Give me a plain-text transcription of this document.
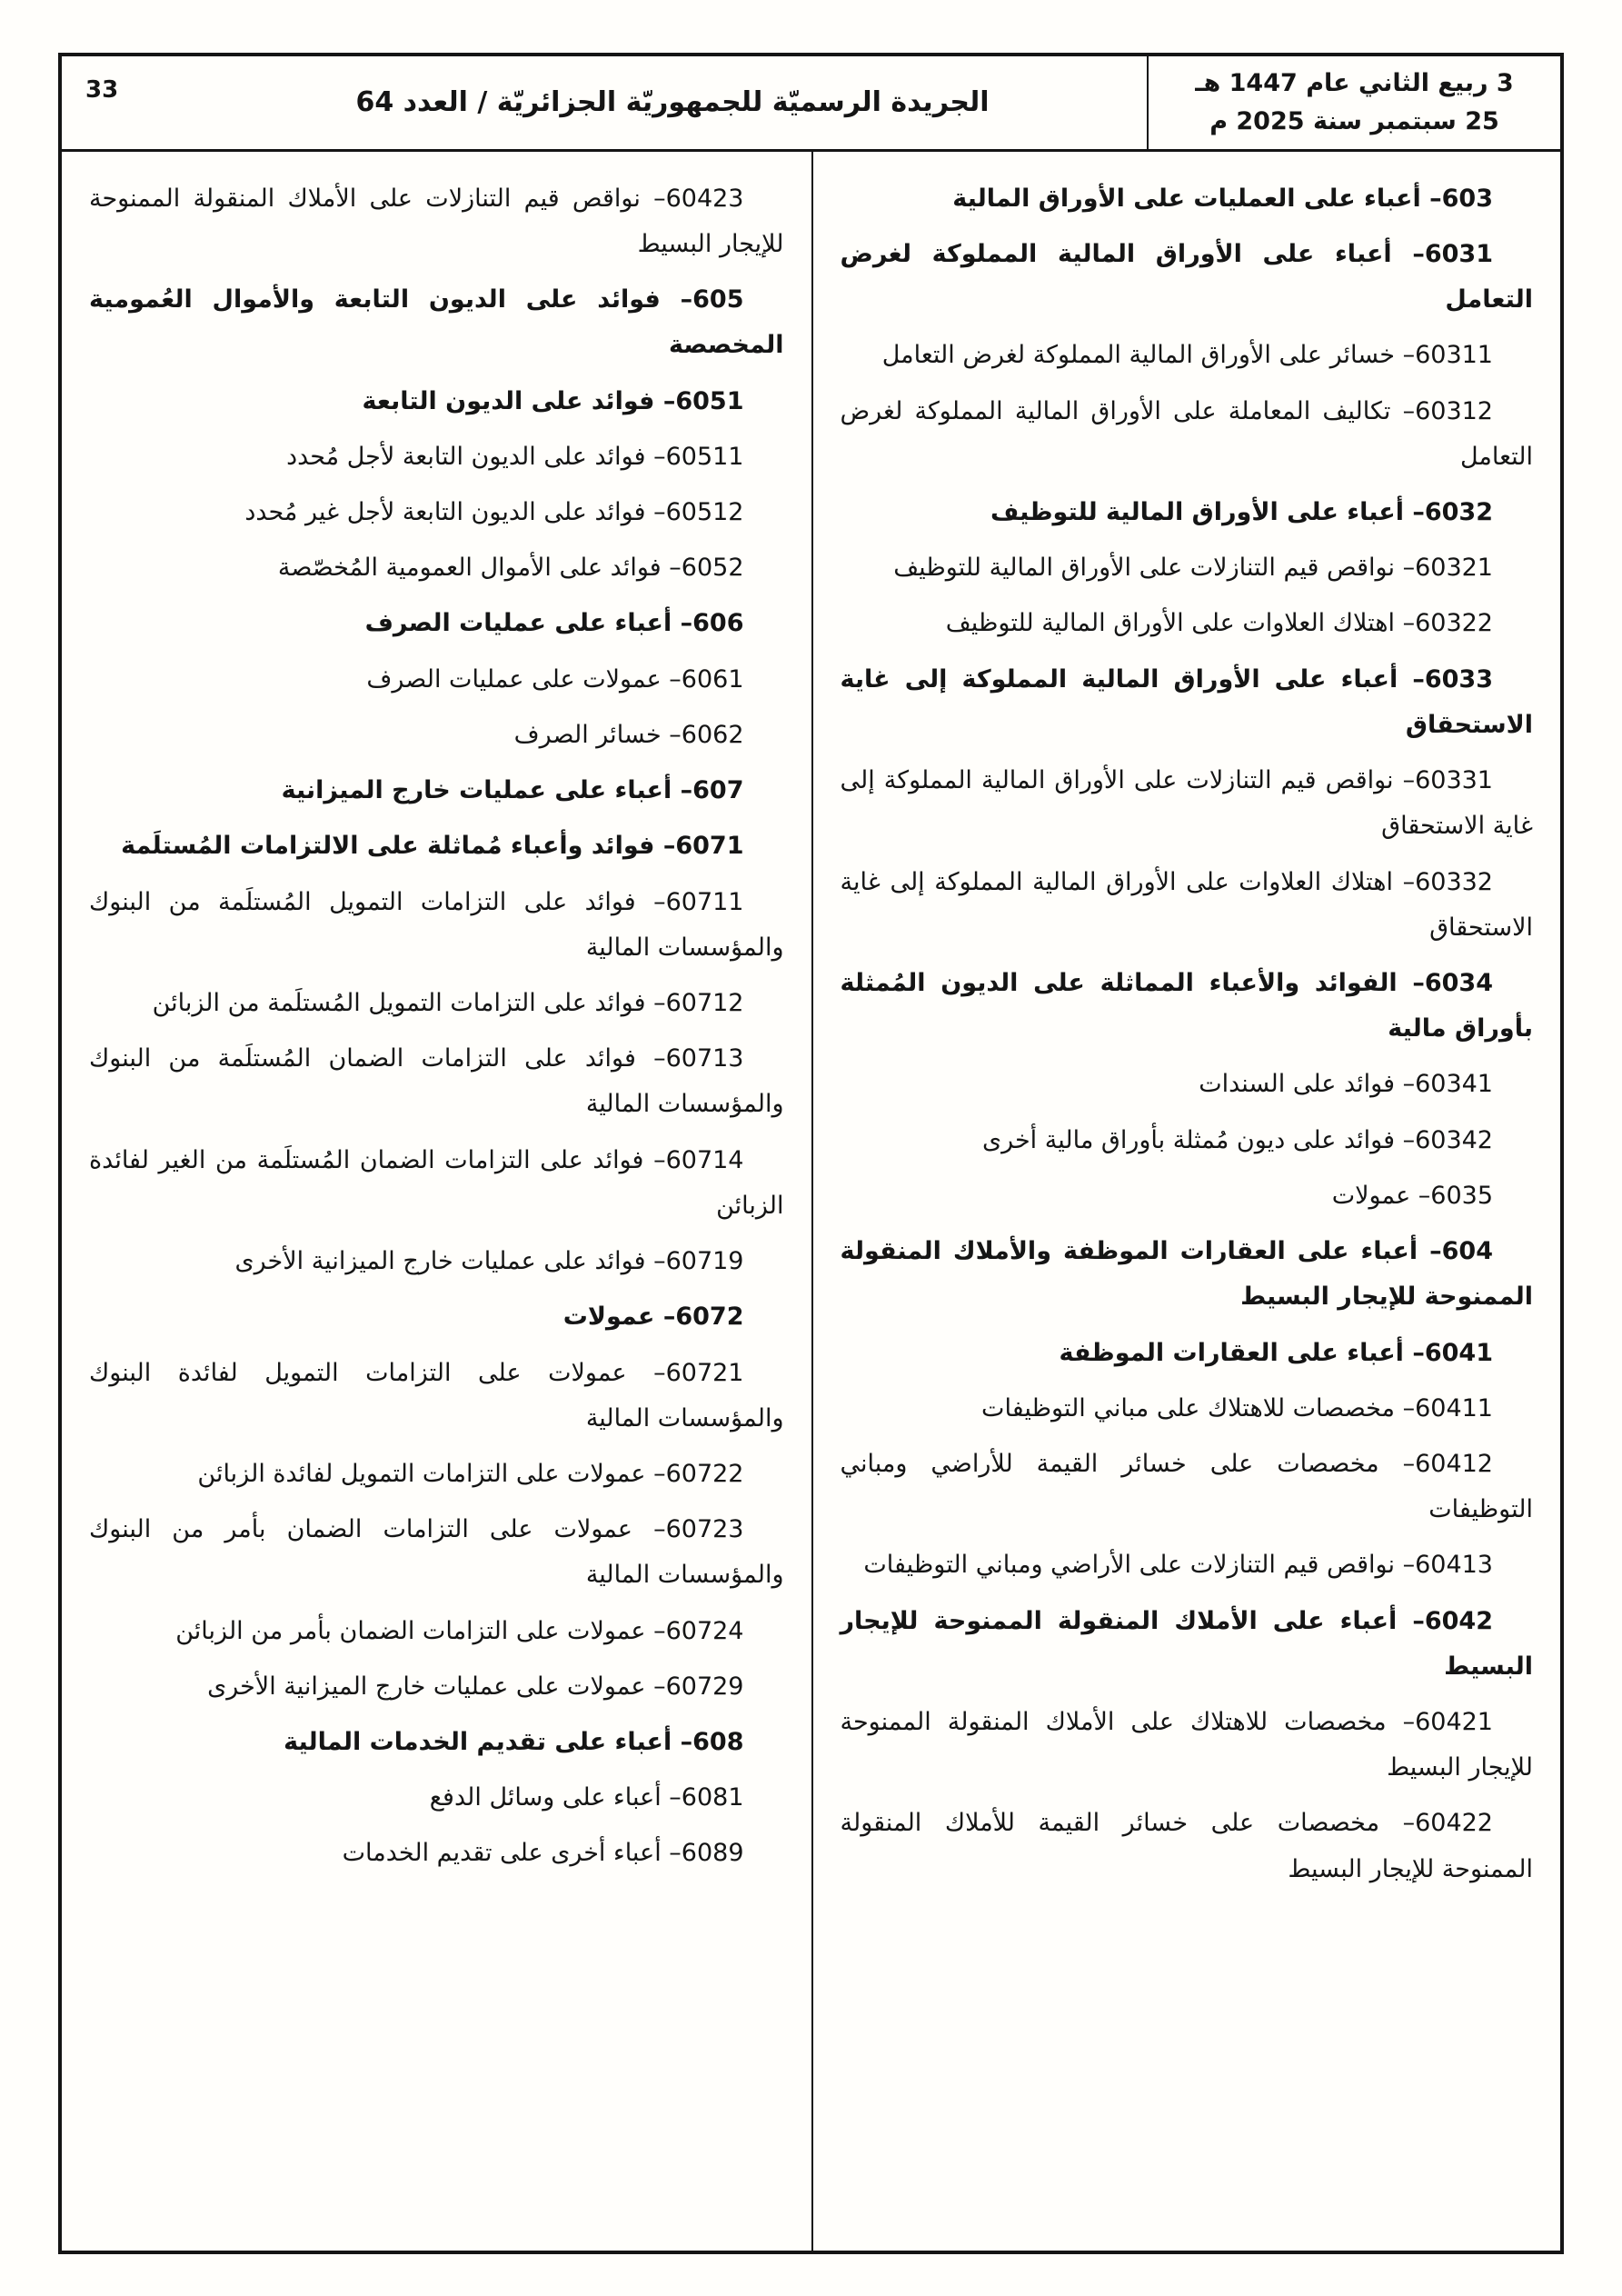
3 ربيع الثاني عام 1447 هـ
25 سبتمبر سنة 2025 م
الجريدة الرسميّة للجمهوريّة الجزائريّة / العدد 64
33

603– أعباء على العمليات على الأوراق المالية

6031– أعباء على الأوراق المالية المملوكة لغرض التعامل

60311– خسائر على الأوراق المالية المملوكة لغرض التعامل

60312– تكاليف المعاملة على الأوراق المالية المملوكة لغرض التعامل

6032– أعباء على الأوراق المالية للتوظيف

60321– نواقص قيم التنازلات على الأوراق المالية للتوظيف

60322– اهتلاك العلاوات على الأوراق المالية للتوظيف

6033– أعباء على الأوراق المالية المملوكة إلى غاية الاستحقاق

60331– نواقص قيم التنازلات على الأوراق المالية المملوكة إلى غاية الاستحقاق

60332– اهتلاك العلاوات على الأوراق المالية المملوكة إلى غاية الاستحقاق

6034– الفوائد والأعباء المماثلة على الديون المُمثلة بأوراق مالية

60341– فوائد على السندات

60342– فوائد على ديون مُمثلة بأوراق مالية أخرى

6035– عمولات

604– أعباء على العقارات الموظفة والأملاك المنقولة الممنوحة للإيجار البسيط

6041– أعباء على العقارات الموظفة

60411– مخصصات للاهتلاك على مباني التوظيفات

60412– مخصصات على خسائر القيمة للأراضي ومباني التوظيفات

60413– نواقص قيم التنازلات على الأراضي ومباني التوظيفات

6042– أعباء على الأملاك المنقولة الممنوحة للإيجار البسيط

60421– مخصصات للاهتلاك على الأملاك المنقولة الممنوحة للإيجار البسيط

60422– مخصصات على خسائر القيمة للأملاك المنقولة الممنوحة للإيجار البسيط

60423– نواقص قيم التنازلات على الأملاك المنقولة الممنوحة للإيجار البسيط

605– فوائد على الديون التابعة والأموال العُمومية المخصصة

6051– فوائد على الديون التابعة

60511– فوائد على الديون التابعة لأجل مُحدد

60512– فوائد على الديون التابعة لأجل غير مُحدد

6052– فوائد على الأموال العمومية المُخصّصة

606– أعباء على عمليات الصرف

6061– عمولات على عمليات الصرف

6062– خسائر الصرف

607– أعباء على عمليات خارج الميزانية

6071– فوائد وأعباء مُماثلة على الالتزامات المُستلَمة

60711– فوائد على التزامات التمويل المُستلَمة من البنوك والمؤسسات المالية

60712– فوائد على التزامات التمويل المُستلَمة من الزبائن

60713– فوائد على التزامات الضمان المُستلَمة من البنوك والمؤسسات المالية

60714– فوائد على التزامات الضمان المُستلَمة من الغير لفائدة الزبائن

60719– فوائد على عمليات خارج الميزانية الأخرى

6072– عمولات

60721– عمولات على التزامات التمويل لفائدة البنوك والمؤسسات المالية

60722– عمولات على التزامات التمويل لفائدة الزبائن

60723– عمولات على التزامات الضمان بأمر من البنوك والمؤسسات المالية

60724– عمولات على التزامات الضمان بأمر من الزبائن

60729– عمولات على عمليات خارج الميزانية الأخرى

608– أعباء على تقديم الخدمات المالية

6081– أعباء على وسائل الدفع

6089– أعباء أخرى على تقديم الخدمات
